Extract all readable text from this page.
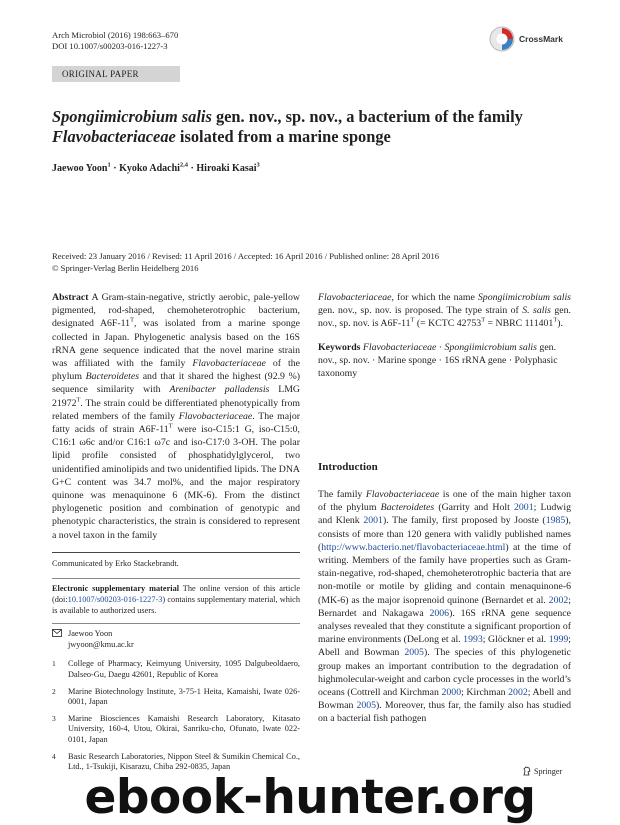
Arch Microbiol (2016) 198:663–670
DOI 10.1007/s00203-016-1227-3
CrossMark
ORIGINAL PAPER
Spongiimicrobium salis gen. nov., sp. nov., a bacterium of the family Flavobacteriaceae isolated from a marine sponge
Jaewoo Yoon$^1$ · Kyoko Adachi$^{2,4}$ · Hiroaki Kasai$^3$
Received: 23 January 2016 / Revised: 11 April 2016 / Accepted: 16 April 2016 / Published online: 28 April 2016
© Springer-Verlag Berlin Heidelberg 2016
Abstract A Gram-stain-negative, strictly aerobic, pale-yellow pigmented, rod-shaped, chemoheterotrophic bacterium, designated $A6F-11^T$, was isolated from a marine sponge collected in Japan. Phylogenetic analysis based on the 16S rRNA gene sequence indicated that the novel marine strain was affiliated with the family Flavobacteriaceae of the phylum Bacteroidetes and that it shared the highest (92.9 %) sequence similarity with Arenibacter palladensis LMG $21972^T$. The strain could be differentiated phenotypically from related members of the family Flavobacteriaceae. The major fatty acids of strain $A6F-11^T$ were iso-C15:1 G, iso-C15:0, C16:1 ω6c and/or C16:1 ω7c and iso-C17:0 3-OH. The polar lipid profile consisted of phosphatidylglycerol, two unidentified aminolipids and two unidentified lipids. The DNA G+C content was 34.7 mol%, and the major respiratory quinone was menaquinone 6 (MK-6). From the distinct phylogenetic position and combination of genotypic and phenotypic characteristics, the strain is considered to represent a novel taxon in the family
Communicated by Erko Stackebrandt.
Electronic supplementary material The online version of this article (doi:10.1007/s00203-016-1227-3) contains supplementary material, which is available to authorized users.
Jaewoo Yoon
jwyoon@kmu.ac.kr
1	College of Pharmacy, Keimyung University, 1095 Dalgubeoldaero, Dalseo-Gu, Daegu 42601, Republic of Korea
2	Marine Biotechnology Institute, 3-75-1 Heita, Kamaishi, Iwate 026-0001, Japan
3	Marine Biosciences Kamaishi Research Laboratory, Kitasato University, 160-4, Utou, Okirai, Sanriku-cho, Ofunato, Iwate 022-0101, Japan
4	Basic Research Laboratories, Nippon Steel & Sumikin Chemical Co., Ltd., 1-Tsukiji, Kisarazu, Chiba 292-0835, Japan
Flavobacteriaceae, for which the name Spongiimicrobium salis gen. nov., sp. nov. is proposed. The type strain of S. salis gen. nov., sp. nov. is $A6F-11^T$ (= KCTC $42753^T$ = NBRC $111401^T$).
Keywords Flavobacteriaceae · Spongiimicrobium salis gen. nov., sp. nov. · Marine sponge · 16S rRNA gene · Polyphasic taxonomy
Introduction
The family Flavobacteriaceae is one of the main higher taxon of the phylum Bacteroidetes (Garrity and Holt 2001; Ludwig and Klenk 2001). The family, first proposed by Jooste (1985), consists of more than 120 genera with validly published names (http://www.bacterio.net/flavobacteriaceae.html) at the time of writing. Members of the family have properties such as Gram-stain-negative, rod-shaped, chemoheterotrophic bacteria that are non-motile or motile by gliding and contain menaquinone-6 (MK-6) as the major isoprenoid quinone (Bernardet et al. 2002; Bernardet and Nakagawa 2006). 16S rRNA gene sequence analyses revealed that they constitute a significant proportion of marine environments (DeLong et al. 1993; Glöckner et al. 1999; Abell and Bowman 2005). The species of this phylogenetic group makes an important contribution to the degradation of highmolecular-weight and carbon cycle processes in the world’s oceans (Cottrell and Kirchman 2000; Kirchman 2002; Abell and Bowman 2005). Moreover, thus far, the family also has studied on a bacterial fish pathogen
Springer
ebook-hunter.org
